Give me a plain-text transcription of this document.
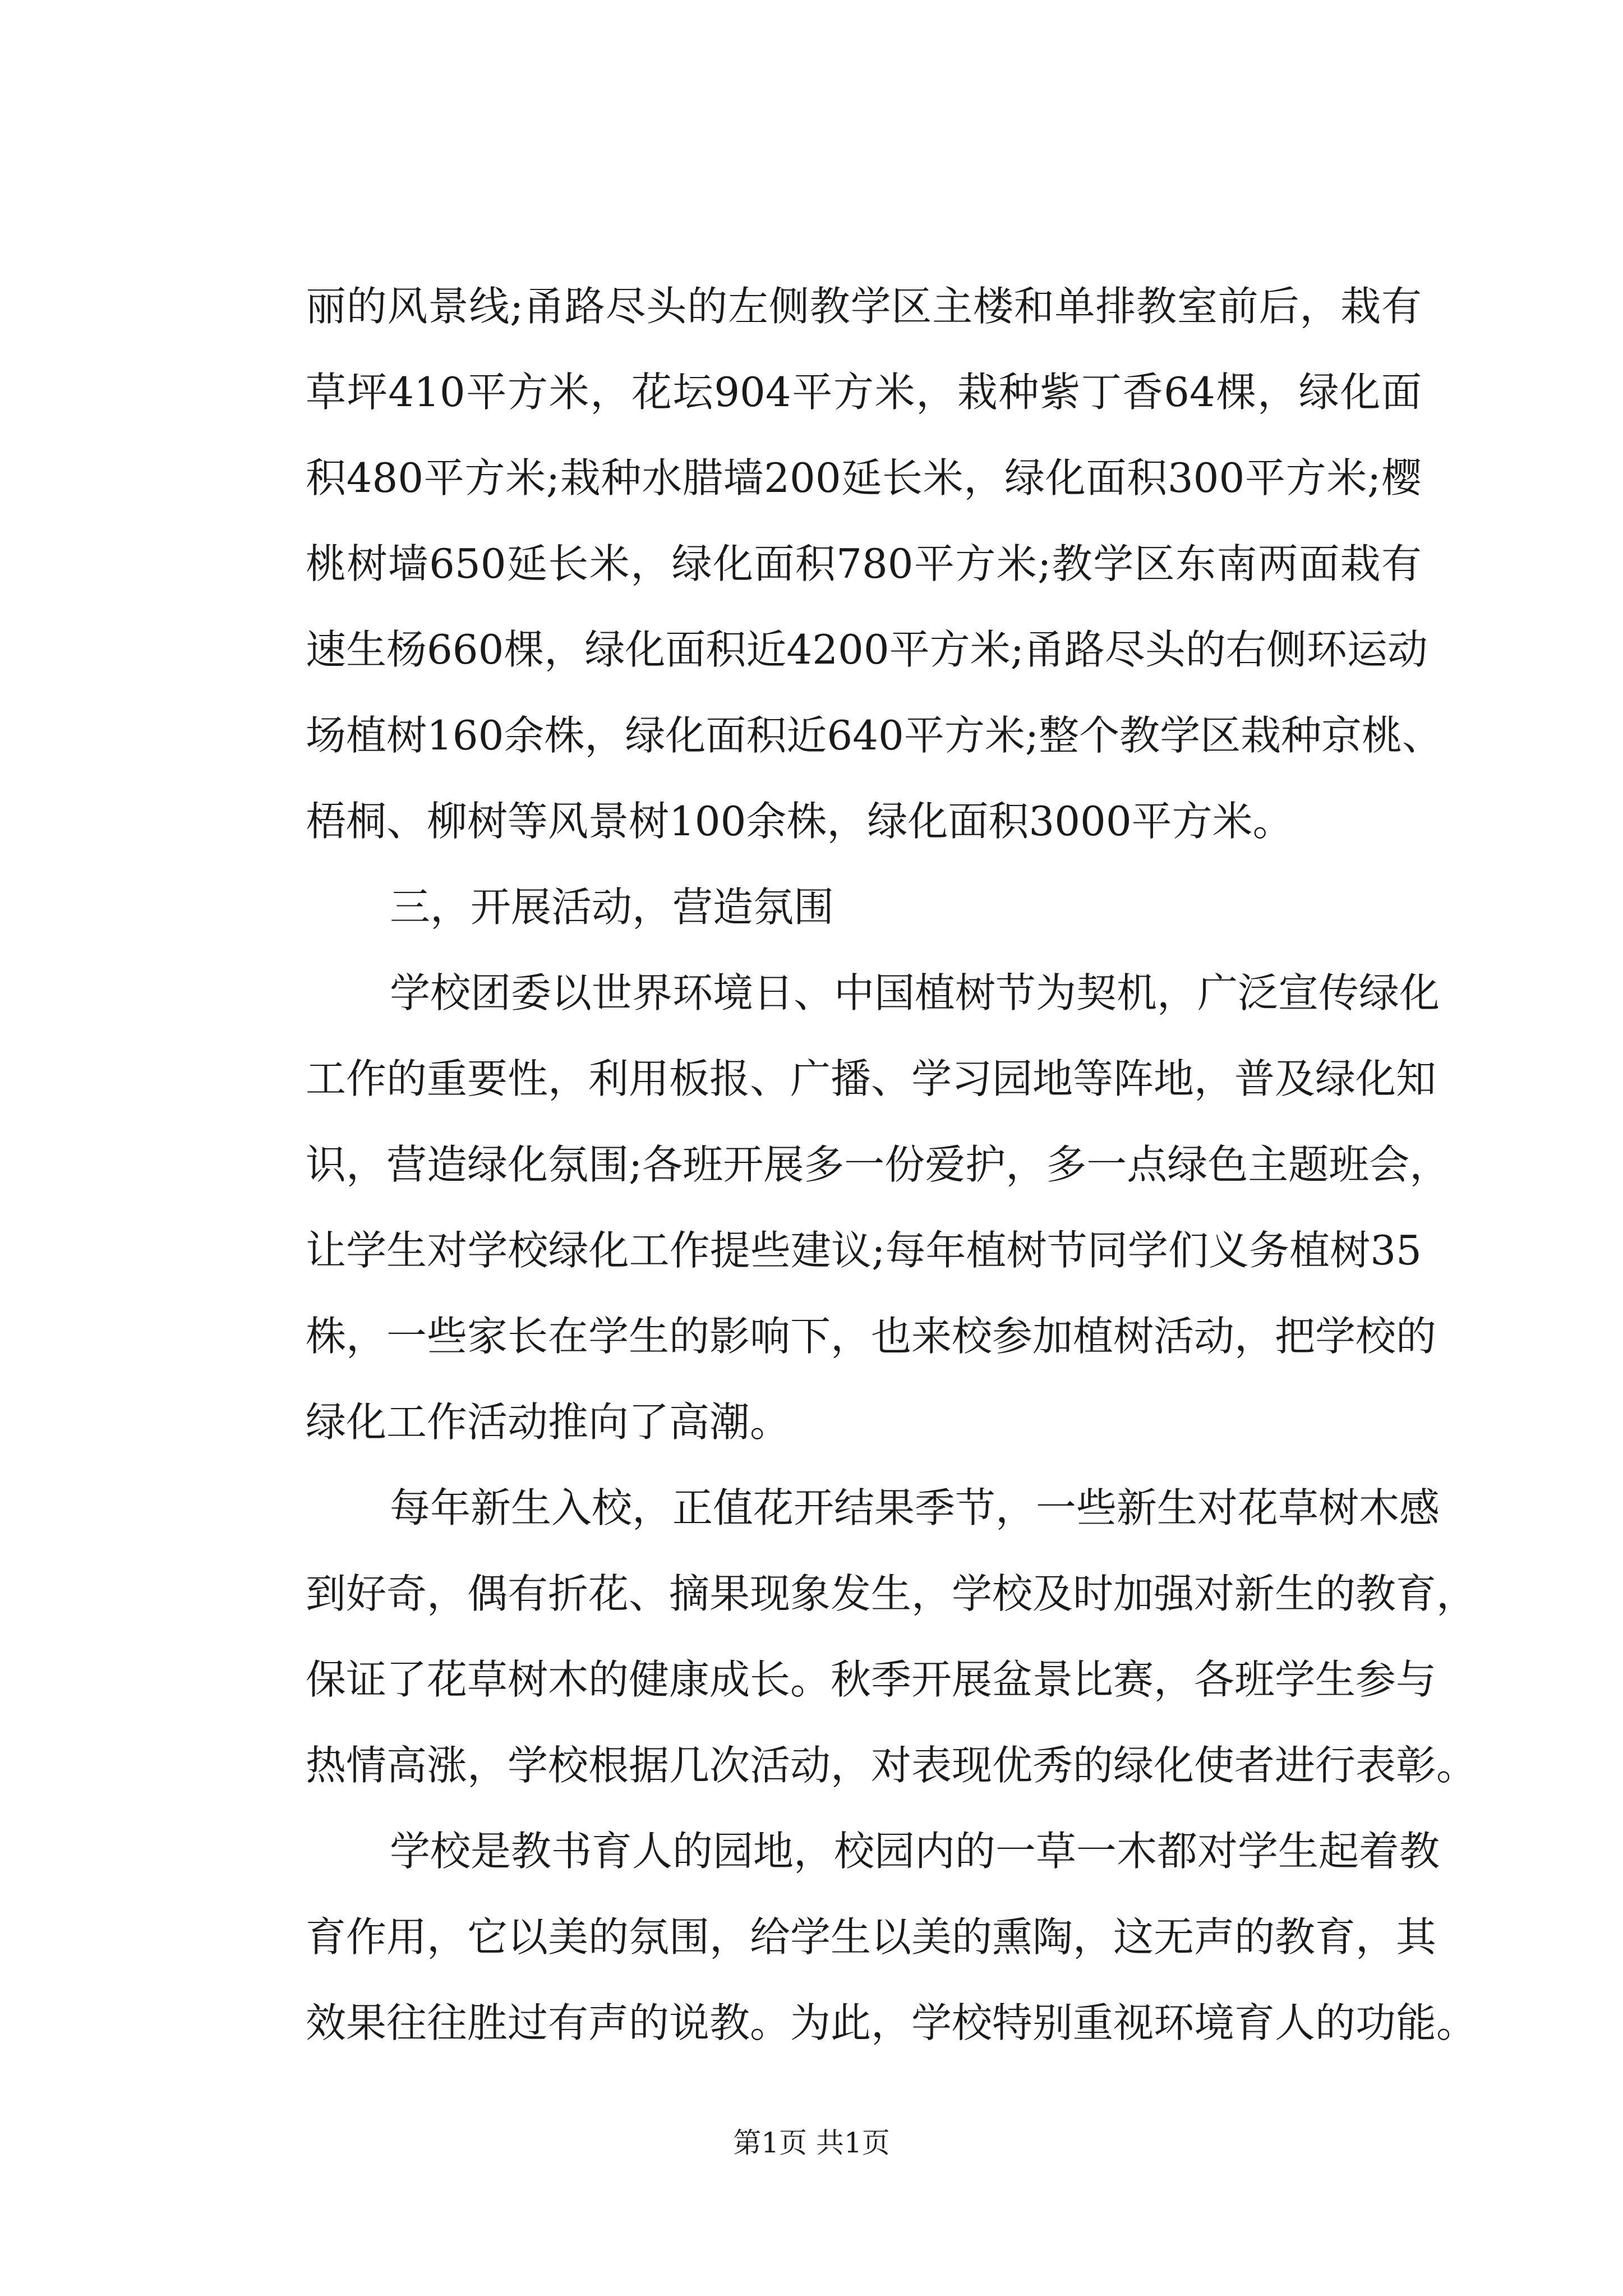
丽的风景线;甬路尽头的左侧教学区主楼和单排教室前后，栽有
草坪410平方米，花坛904平方米，栽种紫丁香64棵，绿化面
积480平方米;栽种水腊墙200延长米，绿化面积300平方米;樱
桃树墙650延长米，绿化面积780平方米;教学区东南两面栽有
速生杨660棵，绿化面积近4200平方米;甬路尽头的右侧环运动
场植树160余株，绿化面积近640平方米;整个教学区栽种京桃、
梧桐、柳树等风景树100余株，绿化面积3000平方米。
三，开展活动，营造氛围
学校团委以世界环境日、中国植树节为契机，广泛宣传绿化
工作的重要性，利用板报、广播、学习园地等阵地，普及绿化知
识，营造绿化氛围;各班开展多一份爱护，多一点绿色主题班会，
让学生对学校绿化工作提些建议;每年植树节同学们义务植树35
株，一些家长在学生的影响下，也来校参加植树活动，把学校的
绿化工作活动推向了高潮。
每年新生入校，正值花开结果季节，一些新生对花草树木感
到好奇，偶有折花、摘果现象发生，学校及时加强对新生的教育，
保证了花草树木的健康成长。秋季开展盆景比赛，各班学生参与
热情高涨，学校根据几次活动，对表现优秀的绿化使者进行表彰。
学校是教书育人的园地，校园内的一草一木都对学生起着教
育作用，它以美的氛围，给学生以美的熏陶，这无声的教育，其
效果往往胜过有声的说教。为此，学校特别重视环境育人的功能。
第1页 共1页
